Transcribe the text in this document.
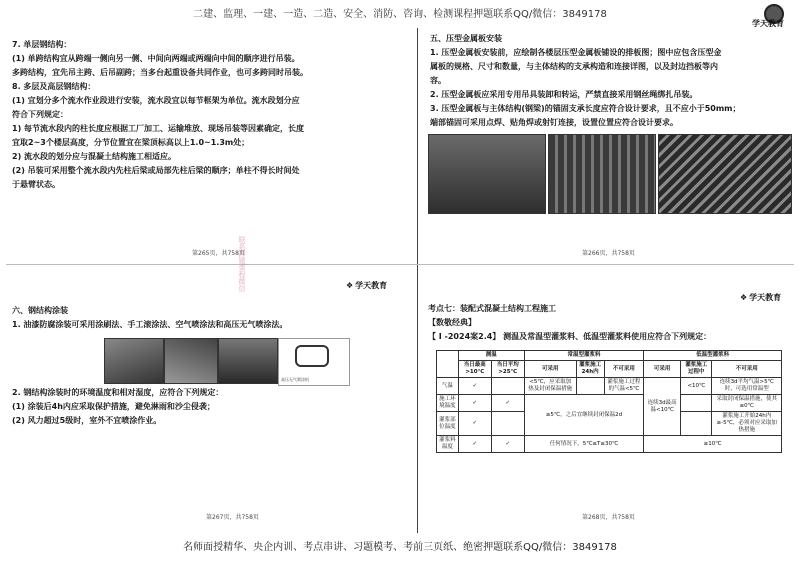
二建、监理、一建、一造、二造、安全、消防、咨询、检测课程押题联系QQ/微信：3849178
学天教育
7. 单层钢结构：
(1) 单跨结构宜从跨端一侧向另一侧、中间向两端或两端向中间的顺序进行吊装。
多跨结构，宜先吊主跨、后吊副跨；当多台起重设备共同作业，也可多跨同时吊装。
8. 多层及高层钢结构：
(1) 宜划分多个流水作业段进行安装，流水段宜以每节框架为单位。流水段划分应
符合下列规定：
1) 每节流水段内的柱长度应根据工厂加工、运输堆放、现场吊装等因素确定，长度
宜取2~3个楼层高度，分节位置宜在梁顶标高以上1.0~1.3m处；
2) 流水段的划分应与混凝土结构施工相适应。
(2) 吊装可采用整个流水段内先柱后梁或局部先柱后梁的顺序；单柱不得长时间处
于悬臂状态。
第265页，共758页
联系押题课程微信
五、压型金属板安装
1. 压型金属板安装前，应绘制各楼层压型金属板铺设的排板图；图中应包含压型金
属板的规格、尺寸和数量，与主体结构的支承构造和连接详图，以及封边挡板等内
容。
2. 压型金属板应采用专用吊具装卸和转运，严禁直接采用钢丝绳绑扎吊装。
3. 压型金属板与主体结构(钢梁)的锚固支承长度应符合设计要求，且不应小于50mm；
端部锚固可采用点焊、贴角焊或射钉连接，设置位置应符合设计要求。
第266页，共758页
❖ 学天教育
六、钢结构涂装
1. 油漆防腐涂装可采用涂刷法、手工滚涂法、空气喷涂法和高压无气喷涂法。
高压无气喷涂机
2. 钢结构涂装时的环境温度和相对湿度，应符合下列规定：
(1) 涂装后4h内应采取保护措施，避免淋雨和沙尘侵袭；
(2) 风力超过5级时，室外不宜喷涂作业。
第267页，共758页
❖ 学天教育
考点七：装配式混凝土结构工程施工
【数敬经典】
【 I -2024案2.4】 测温及常温型灌浆料、低温型灌浆料使用应符合下列规定：
	测温		常温型灌浆料			低温型灌浆料		
	当日最高>10℃	当日平均>25℃	可采用	灌浆施工24h内	不可采用	可采用	灌浆施工过程中	不可采用
气温	✓		<5℃，应采取加热及封闭保温措施		灌浆施工过程的气温<5℃	连续3d最高温<10℃	<10℃	连续3d平均气温>5℃时，可选用常温型
施工环境温度	✓	✓	≥5℃，之后宜继续封闭保温2d					采取封闭保温措施，使其≥0℃
灌浆部位温度	✓							灌浆施工开始24h内≥-5℃，必须对应采取加热措施
灌浆料温度	✓	✓	任何情况下，5℃≤T≤30℃			≥10℃		
第268页，共758页
名师面授精华、央企内训、考点串讲、习题模考、考前三页纸、绝密押题联系QQ/微信：3849178
